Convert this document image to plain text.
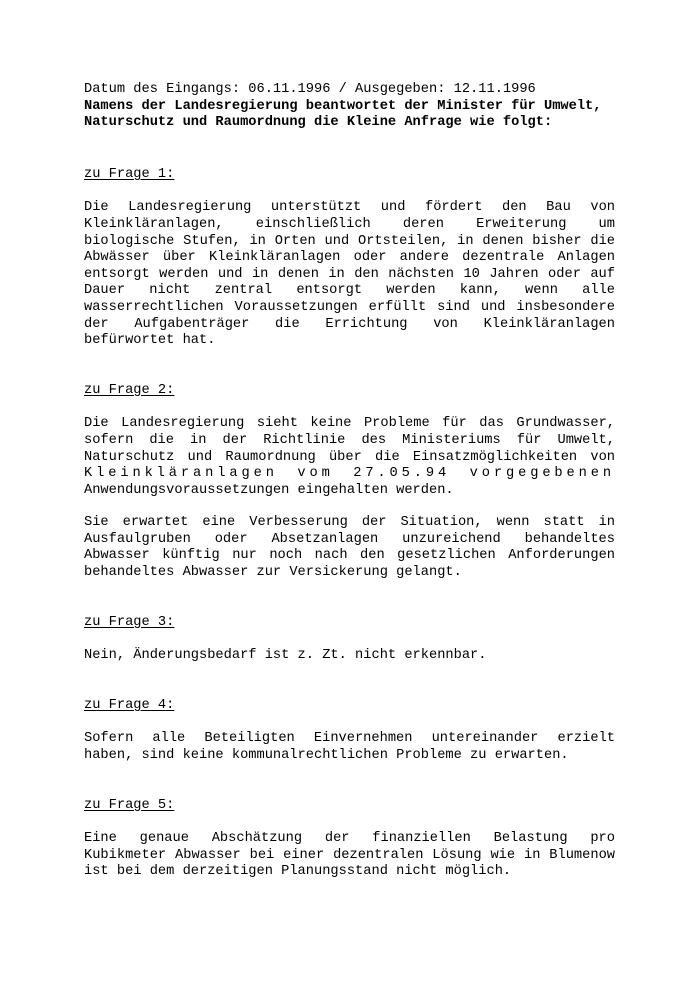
Datum des Eingangs: 06.11.1996 / Ausgegeben: 12.11.1996
Namens der Landesregierung beantwortet der Minister für Umwelt,
Naturschutz und Raumordnung die Kleine Anfrage wie folgt:
zu Frage 1:

Die Landesregierung unterstützt und fördert den Bau von
Kleinkläranlagen, einschließlich deren Erweiterung um
biologische Stufen, in Orten und Ortsteilen, in denen bisher die
Abwässer über Kleinkläranlagen oder andere dezentrale Anlagen
entsorgt werden und in denen in den nächsten 10 Jahren oder auf
Dauer nicht zentral entsorgt werden kann, wenn alle
wasserrechtlichen Voraussetzungen erfüllt sind und insbesondere
der Aufgabenträger die Errichtung von Kleinkläranlagen
befürwortet hat.

zu Frage 2:

Die Landesregierung sieht keine Probleme für das Grundwasser,
sofern die in der Richtlinie des Ministeriums für Umwelt,
Naturschutz und Raumordnung über die Einsatzmöglichkeiten von
Kleinkläranlagen vom 27.05.94 vorgegebenen
Anwendungsvoraussetzungen eingehalten werden.

Sie erwartet eine Verbesserung der Situation, wenn statt in
Ausfaulgruben oder Absetzanlagen unzureichend behandeltes
Abwasser künftig nur noch nach den gesetzlichen Anforderungen
behandeltes Abwasser zur Versickerung gelangt.

zu Frage 3:

Nein, Änderungsbedarf ist z. Zt. nicht erkennbar.

zu Frage 4:

Sofern alle Beteiligten Einvernehmen untereinander erzielt
haben, sind keine kommunalrechtlichen Probleme zu erwarten.

zu Frage 5:

Eine genaue Abschätzung der finanziellen Belastung pro
Kubikmeter Abwasser bei einer dezentralen Lösung wie in Blumenow
ist bei dem derzeitigen Planungsstand nicht möglich.
